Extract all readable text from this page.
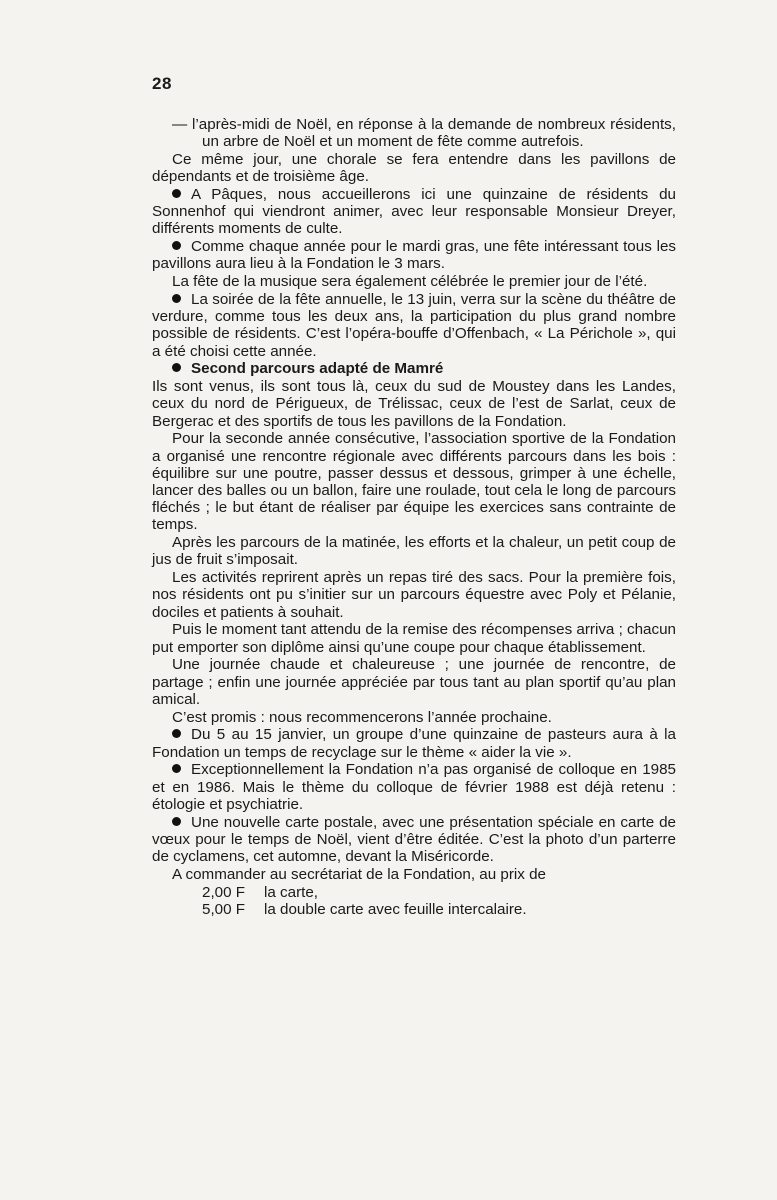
28

— l’après-midi de Noël, en réponse à la demande de nombreux résidents, un arbre de Noël et un moment de fête comme autrefois.

Ce même jour, une chorale se fera entendre dans les pavillons de dépendants et de troisième âge.

A Pâques, nous accueillerons ici une quinzaine de résidents du Sonnenhof qui viendront animer, avec leur responsable Monsieur Dreyer, différents moments de culte.

Comme chaque année pour le mardi gras, une fête intéressant tous les pavillons aura lieu à la Fondation le 3 mars.

La fête de la musique sera également célébrée le premier jour de l’été.

La soirée de la fête annuelle, le 13 juin, verra sur la scène du théâtre de verdure, comme tous les deux ans, la participation du plus grand nombre possible de résidents. C’est l’opéra-bouffe d’Offenbach, « La Périchole », qui a été choisi cette année.

Second parcours adapté de Mamré

Ils sont venus, ils sont tous là, ceux du sud de Moustey dans les Landes, ceux du nord de Périgueux, de Trélissac, ceux de l’est de Sarlat, ceux de Bergerac et des sportifs de tous les pavillons de la Fondation.

Pour la seconde année consécutive, l’association sportive de la Fondation a organisé une rencontre régionale avec différents parcours dans les bois : équilibre sur une poutre, passer dessus et dessous, grimper à une échelle, lancer des balles ou un ballon, faire une roulade, tout cela le long de parcours fléchés ; le but étant de réaliser par équipe les exercices sans contrainte de temps.

Après les parcours de la matinée, les efforts et la chaleur, un petit coup de jus de fruit s’imposait.

Les activités reprirent après un repas tiré des sacs. Pour la première fois, nos résidents ont pu s’initier sur un parcours équestre avec Poly et Pélanie, dociles et patients à souhait.

Puis le moment tant attendu de la remise des récompenses arriva ; chacun put emporter son diplôme ainsi qu’une coupe pour chaque établissement.

Une journée chaude et chaleureuse ; une journée de rencontre, de partage ; enfin une journée appréciée par tous tant au plan sportif qu’au plan amical.

C’est promis : nous recommencerons l’année prochaine.

Du 5 au 15 janvier, un groupe d’une quinzaine de pasteurs aura à la Fondation un temps de recyclage sur le thème « aider la vie ».

Exceptionnellement la Fondation n’a pas organisé de colloque en 1985 et en 1986. Mais le thème du colloque de février 1988 est déjà retenu : étologie et psychiatrie.

Une nouvelle carte postale, avec une présentation spéciale en carte de vœux pour le temps de Noël, vient d’être éditée. C’est la photo d’un parterre de cyclamens, cet automne, devant la Miséricorde.

A commander au secrétariat de la Fondation, au prix de

2,00 F la carte,

5,00 F la double carte avec feuille intercalaire.
